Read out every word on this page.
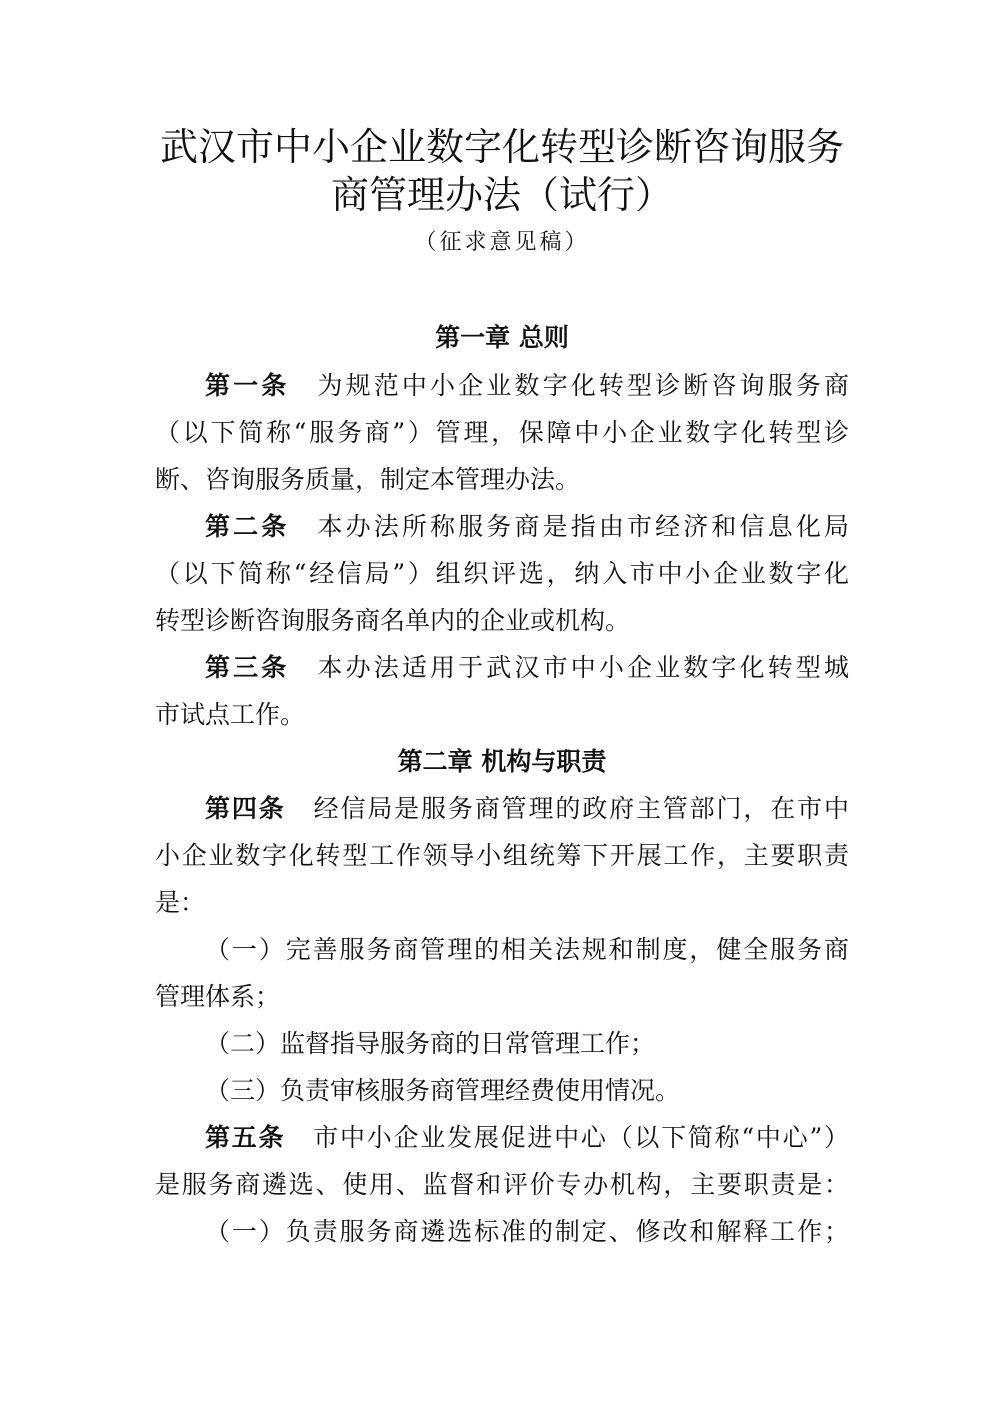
武汉市中小企业数字化转型诊断咨询服务
商管理办法（试行）
（征求意见稿）
第一章 总则
第一条 为规范中小企业数字化转型诊断咨询服务商
（以下简称“服务商”）管理，保障中小企业数字化转型诊
断、咨询服务质量，制定本管理办法。
第二条 本办法所称服务商是指由市经济和信息化局
（以下简称“经信局”）组织评选，纳入市中小企业数字化
转型诊断咨询服务商名单内的企业或机构。
第三条 本办法适用于武汉市中小企业数字化转型城
市试点工作。
第二章 机构与职责
第四条 经信局是服务商管理的政府主管部门，在市中
小企业数字化转型工作领导小组统筹下开展工作，主要职责
是：
（一）完善服务商管理的相关法规和制度，健全服务商
管理体系；
（二）监督指导服务商的日常管理工作；
（三）负责审核服务商管理经费使用情况。
第五条 市中小企业发展促进中心（以下简称“中心”）
是服务商遴选、使用、监督和评价专办机构，主要职责是：
（一）负责服务商遴选标准的制定、修改和解释工作；
